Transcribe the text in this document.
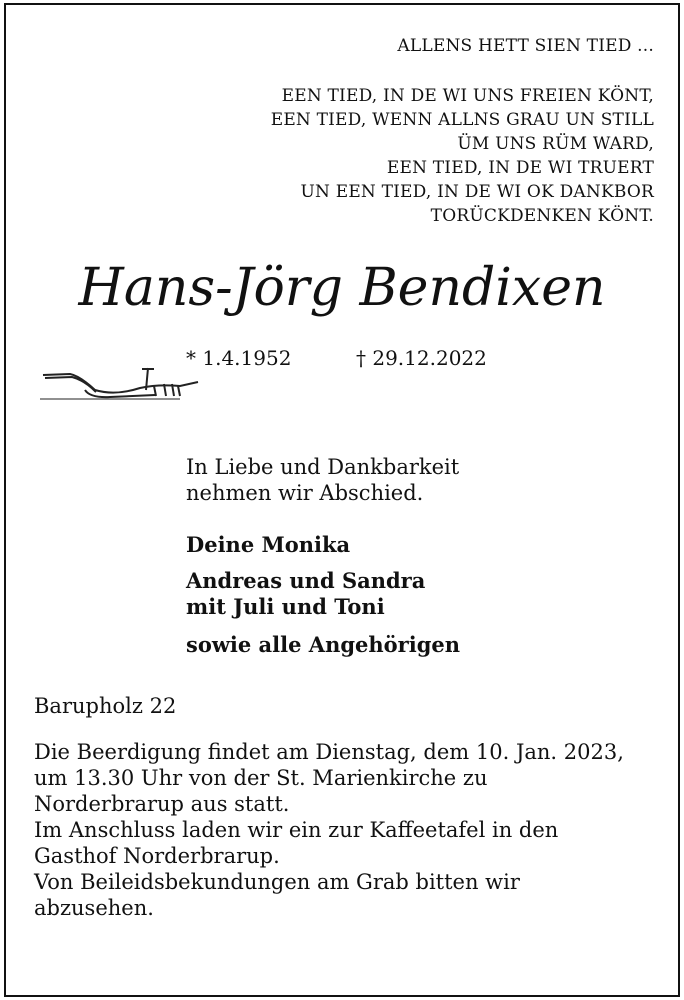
ALLENS HETT SIEN TIED ...
EEN TIED, IN DE WI UNS FREIEN KÖNT,
EEN TIED, WENN ALLNS GRAU UN STILL
ÜM UNS RÜM WARD,
EEN TIED, IN DE WI TRUERT
UN EEN TIED, IN DE WI OK DANKBOR
TORÜCKDENKEN KÖNT.
Hans-Jörg Bendixen
* 1.4.1952	† 29.12.2022
In Liebe und Dankbarkeit
nehmen wir Abschied.
Deine Monika
Andreas und Sandra
mit Juli und Toni
sowie alle Angehörigen
Barupholz 22
Die Beerdigung findet am Dienstag, dem 10. Jan. 2023,
um 13.30 Uhr von der St. Marienkirche zu
Norderbrarup aus statt.
Im Anschluss laden wir ein zur Kaffeetafel in den
Gasthof Norderbrarup.
Von Beileidsbekundungen am Grab bitten wir
abzusehen.
